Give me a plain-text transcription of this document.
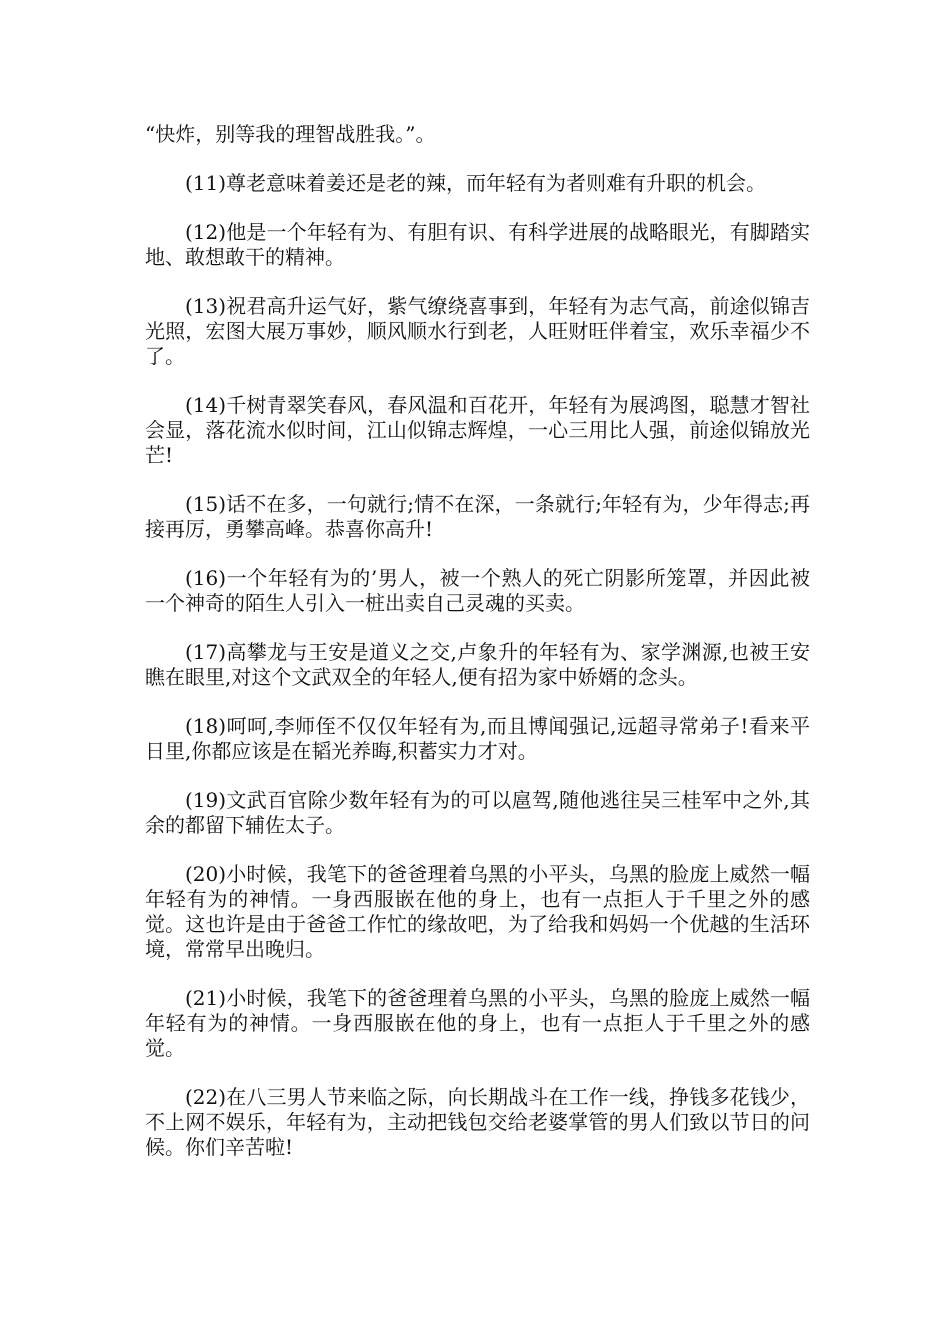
“快炸，别等我的理智战胜我。”。

(11)尊老意味着姜还是老的辣，而年轻有为者则难有升职的机会。

(12)他是一个年轻有为、有胆有识、有科学进展的战略眼光，有脚踏实地、敢想敢干的精神。

(13)祝君高升运气好，紫气缭绕喜事到，年轻有为志气高，前途似锦吉光照，宏图大展万事妙，顺风顺水行到老，人旺财旺伴着宝，欢乐幸福少不了。

(14)千树青翠笑春风，春风温和百花开，年轻有为展鸿图，聪慧才智社会显，落花流水似时间，江山似锦志辉煌，一心三用比人强，前途似锦放光芒!

(15)话不在多，一句就行;情不在深，一条就行;年轻有为，少年得志;再接再厉，勇攀高峰。恭喜你高升!

(16)一个年轻有为的’男人，被一个熟人的死亡阴影所笼罩，并因此被一个神奇的陌生人引入一桩出卖自己灵魂的买卖。

(17)高攀龙与王安是道义之交,卢象升的年轻有为、家学渊源,也被王安瞧在眼里,对这个文武双全的年轻人,便有招为家中娇婿的念头。

(18)呵呵,李师侄不仅仅年轻有为,而且博闻强记,远超寻常弟子!看来平日里,你都应该是在韬光养晦,积蓄实力才对。

(19)文武百官除少数年轻有为的可以扈驾,随他逃往吴三桂军中之外,其余的都留下辅佐太子。

(20)小时候，我笔下的爸爸理着乌黑的小平头，乌黑的脸庞上威然一幅年轻有为的神情。一身西服嵌在他的身上，也有一点拒人于千里之外的感觉。这也许是由于爸爸工作忙的缘故吧，为了给我和妈妈一个优越的生活环境，常常早出晚归。

(21)小时候，我笔下的爸爸理着乌黑的小平头，乌黑的脸庞上威然一幅年轻有为的神情。一身西服嵌在他的身上，也有一点拒人于千里之外的感觉。

(22)在八三男人节来临之际，向长期战斗在工作一线，挣钱多花钱少，不上网不娱乐，年轻有为，主动把钱包交给老婆掌管的男人们致以节日的问候。你们辛苦啦!
